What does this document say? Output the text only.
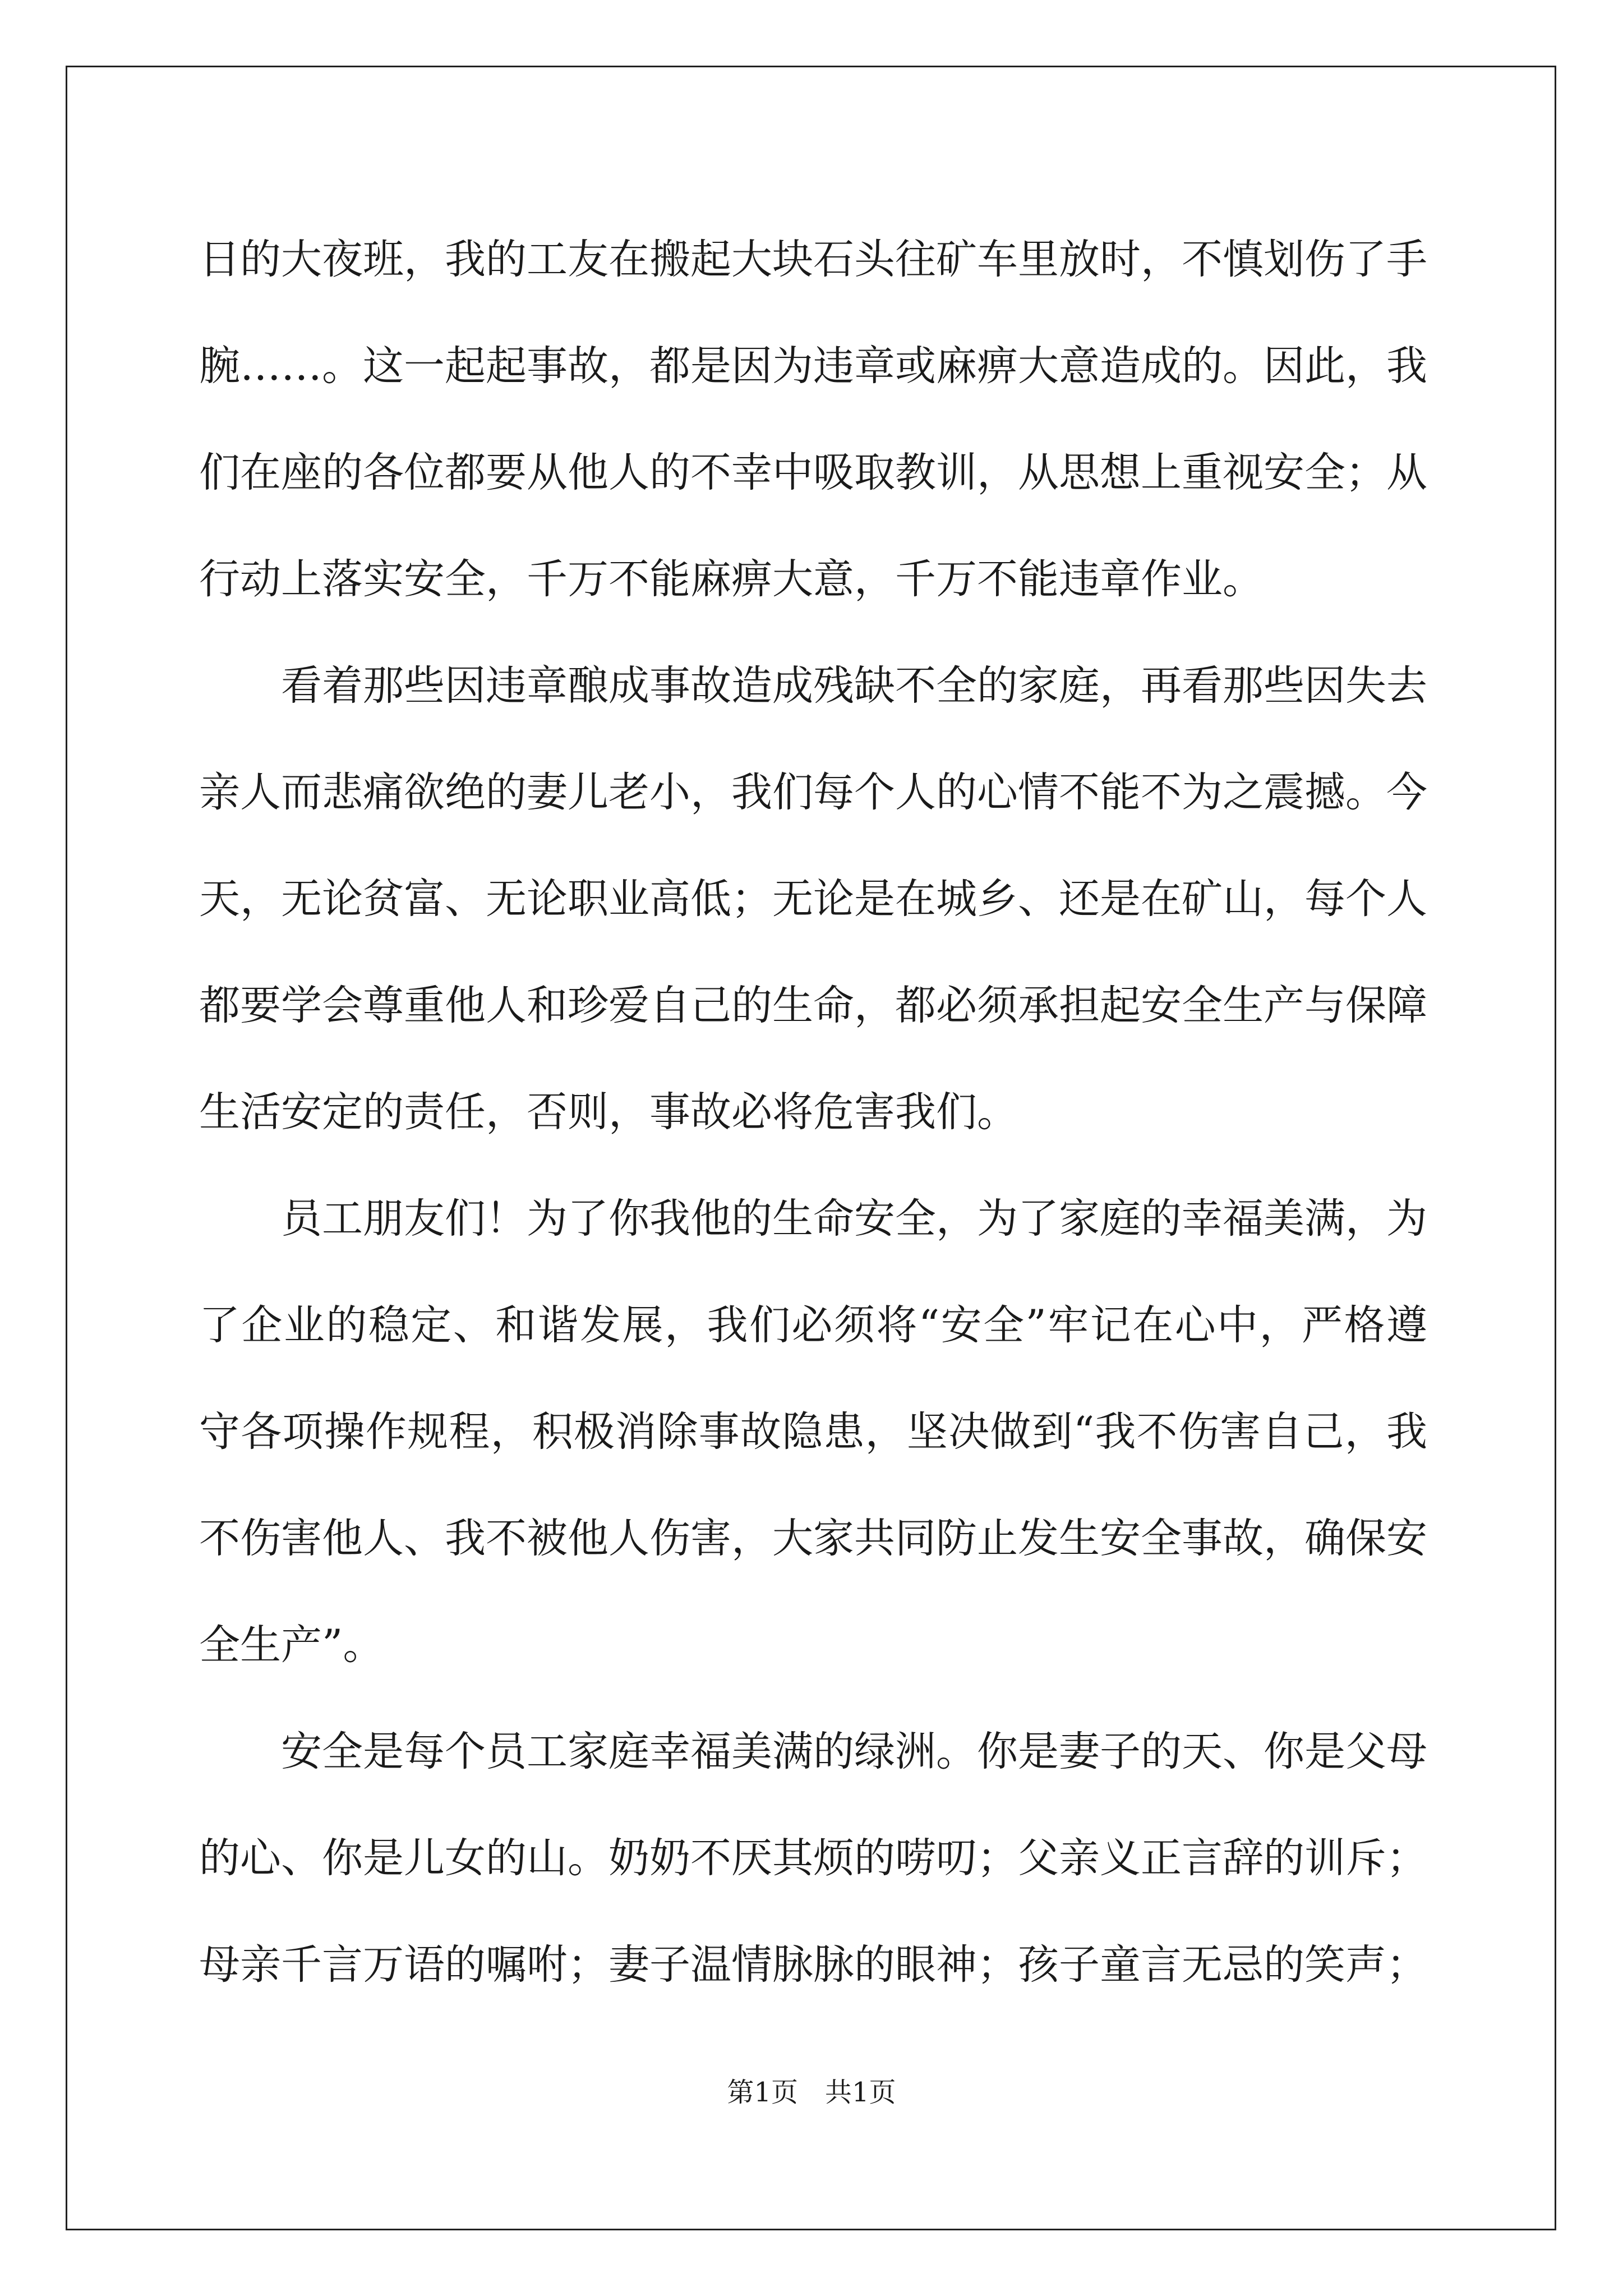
日的大夜班，我的工友在搬起大块石头往矿车里放时，不慎划伤了手
腕……。这一起起事故，都是因为违章或麻痹大意造成的。因此，我
们在座的各位都要从他人的不幸中吸取教训，从思想上重视安全；从
行动上落实安全，千万不能麻痹大意，千万不能违章作业。
看着那些因违章酿成事故造成残缺不全的家庭，再看那些因失去
亲人而悲痛欲绝的妻儿老小，我们每个人的心情不能不为之震撼。今
天，无论贫富、无论职业高低；无论是在城乡、还是在矿山，每个人
都要学会尊重他人和珍爱自己的生命，都必须承担起安全生产与保障
生活安定的责任，否则，事故必将危害我们。
员工朋友们！为了你我他的生命安全，为了家庭的幸福美满，为
了企业的稳定、和谐发展，我们必须将“安全”牢记在心中，严格遵
守各项操作规程，积极消除事故隐患，坚决做到“我不伤害自己，我
不伤害他人、我不被他人伤害，大家共同防止发生安全事故，确保安
全生产”。
安全是每个员工家庭幸福美满的绿洲。你是妻子的天、你是父母
的心、你是儿女的山。奶奶不厌其烦的唠叨；父亲义正言辞的训斥；
母亲千言万语的嘱咐；妻子温情脉脉的眼神；孩子童言无忌的笑声；
第1页 共1页
